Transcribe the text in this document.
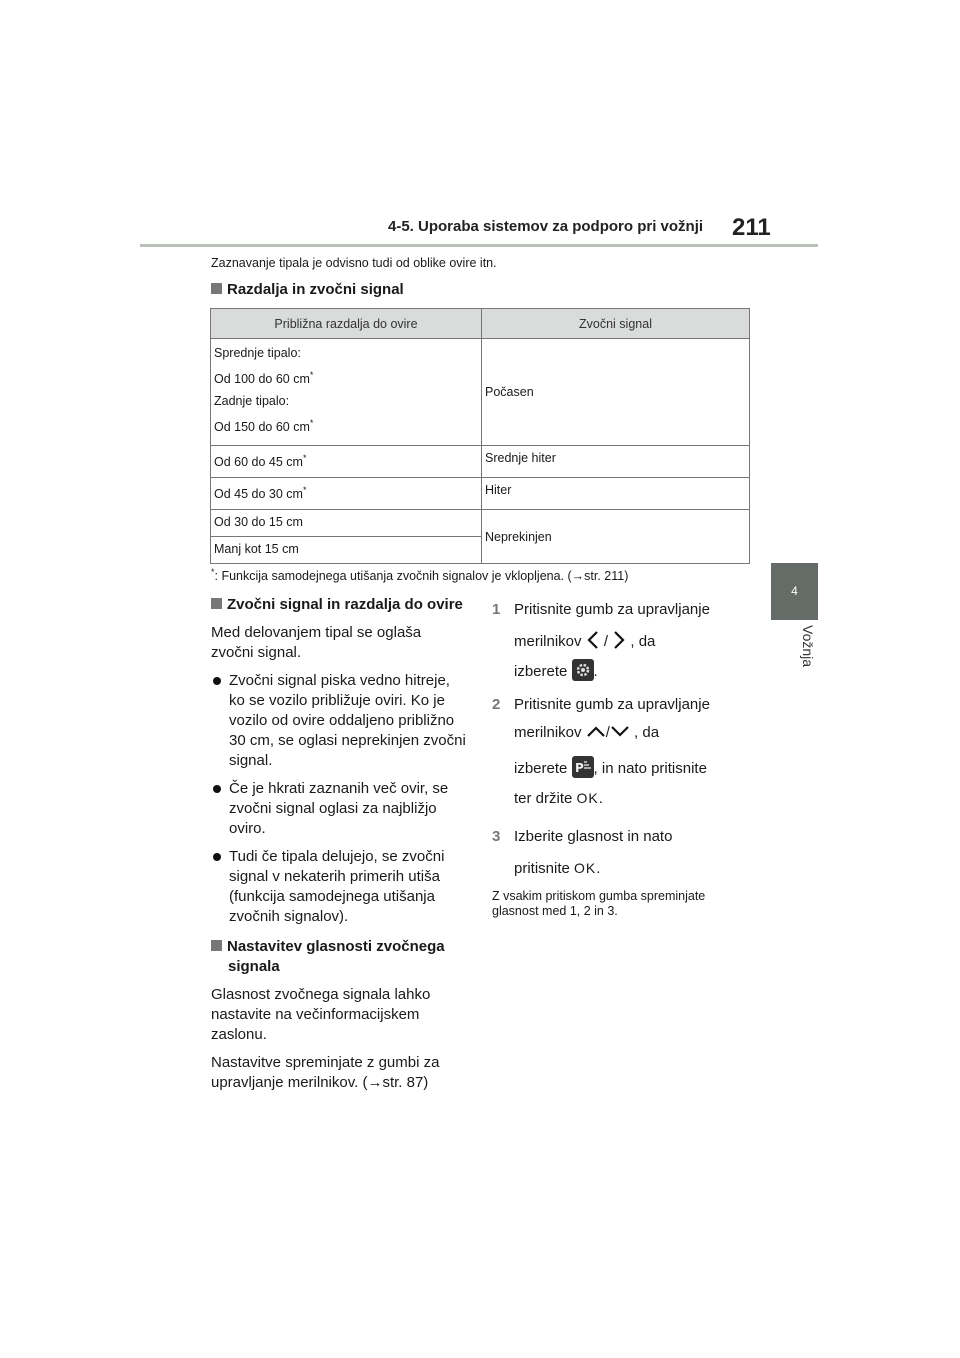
4-5. Uporaba sistemov za podporo pri vožnji 211
4
Vožnja
Zaznavanje tipala je odvisno tudi od oblike ovire itn.
Razdalja in zvočni signal
Približna razdalja do ovire	Zvočni signal

Sprednje tipalo:
Od 100 do 60 cm*
Zadnje tipalo:
Od 150 do 60 cm*	Počasen
Od 60 do 45 cm*	Srednje hiter
Od 45 do 30 cm*	Hiter
Od 30 do 15 cm	Neprekinjen
Manj kot 15 cm	
*: Funkcija samodejnega utišanja zvočnih signalov je vklopljena. (→str. 211)
Zvočni signal in razdalja do ovire
Med delovanjem tipal se oglaša zvočni signal.
Zvočni signal piska vedno hitreje, ko se vozilo približuje oviri. Ko je vozilo od ovire oddaljeno približno 30 cm, se oglasi neprekinjen zvočni signal.
Če je hkrati zaznanih več ovir, se zvočni signal oglasi za najbližjo oviro.
Tudi če tipala delujejo, se zvočni signal v nekaterih primerih utiša (funkcija samodejnega utišanja zvočnih signalov).
Nastavitev glasnosti zvočnega signala
Glasnost zvočnega signala lahko nastavite na večinformacijskem zaslonu.
Nastavitve spreminjate z gumbi za upravljanje merilnikov. (→str. 87)
1 Pritisnite gumb za upravljanje
merilnikov / , da
izberete .
2 Pritisnite gumb za upravljanje
merilnikov / , da
izberete P , in nato pritisnite
ter držite OK.
3 Izberite glasnost in nato
pritisnite OK.
Z vsakim pritiskom gumba spreminjate glasnost med 1, 2 in 3.
